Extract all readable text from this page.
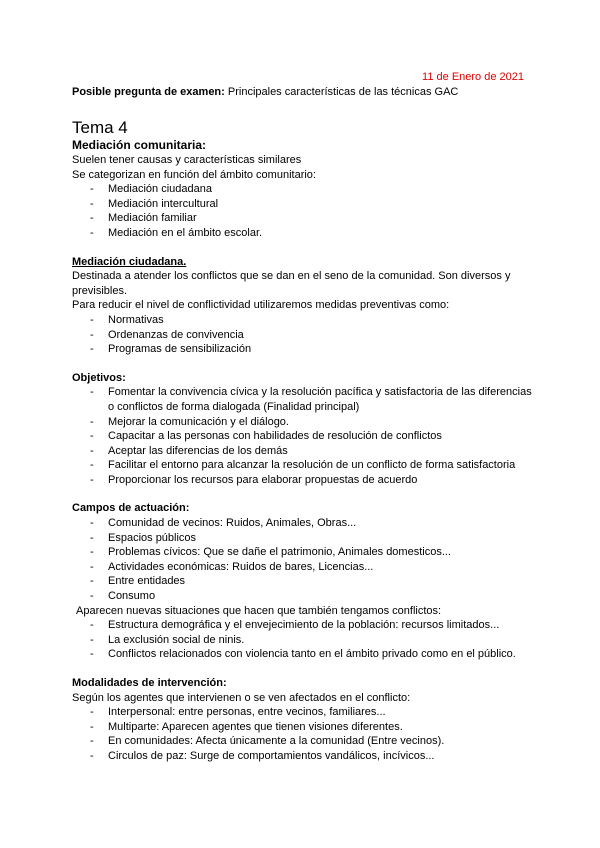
11 de Enero de 2021
Posible pregunta de examen: Principales características de las técnicas GAC
Tema 4
Mediación comunitaria:

Suelen tener causas y características similares

Se categorizan en función del ámbito comunitario:

- Mediación ciudadana
- Mediación intercultural
- Mediación familiar
- Mediación en el ámbito escolar.
Mediación ciudadana.

Destinada a atender los conflictos que se dan en el seno de la comunidad. Son diversos y previsibles.

Para reducir el nivel de conflictividad utilizaremos medidas preventivas como:

- Normativas
- Ordenanzas de convivencia
- Programas de sensibilización
Objetivos:
- Fomentar la convivencia cívica y la resolución pacífica y satisfactoria de las diferencias o conflictos de forma dialogada (Finalidad principal)
- Mejorar la comunicación y el diálogo.
- Capacitar a las personas con habilidades de resolución de conflictos
- Aceptar las diferencias de los demás
- Facilitar el entorno para alcanzar la resolución de un conflicto de forma satisfactoria
- Proporcionar los recursos para elaborar propuestas de acuerdo
Campos de actuación:
- Comunidad de vecinos: Ruidos, Animales, Obras...
- Espacios públicos
- Problemas cívicos: Que se dañe el patrimonio, Animales domesticos...
- Actividades económicas: Ruidos de bares, Licencias...
- Entre entidades
- Consumo

Aparecen nuevas situaciones que hacen que también tengamos conflictos:

- Estructura demográfica y el envejecimiento de la población: recursos limitados...
- La exclusión social de ninis.
- Conflictos relacionados con violencia tanto en el ámbito privado como en el público.
Modalidades de intervención:

Según los agentes que intervienen o se ven afectados en el conflicto:

- Interpersonal: entre personas, entre vecinos, familiares...
- Multiparte: Aparecen agentes que tienen visiones diferentes.
- En comunidades: Afecta únicamente a la comunidad (Entre vecinos).
- Circulos de paz: Surge de comportamientos vandálicos, incívicos...
